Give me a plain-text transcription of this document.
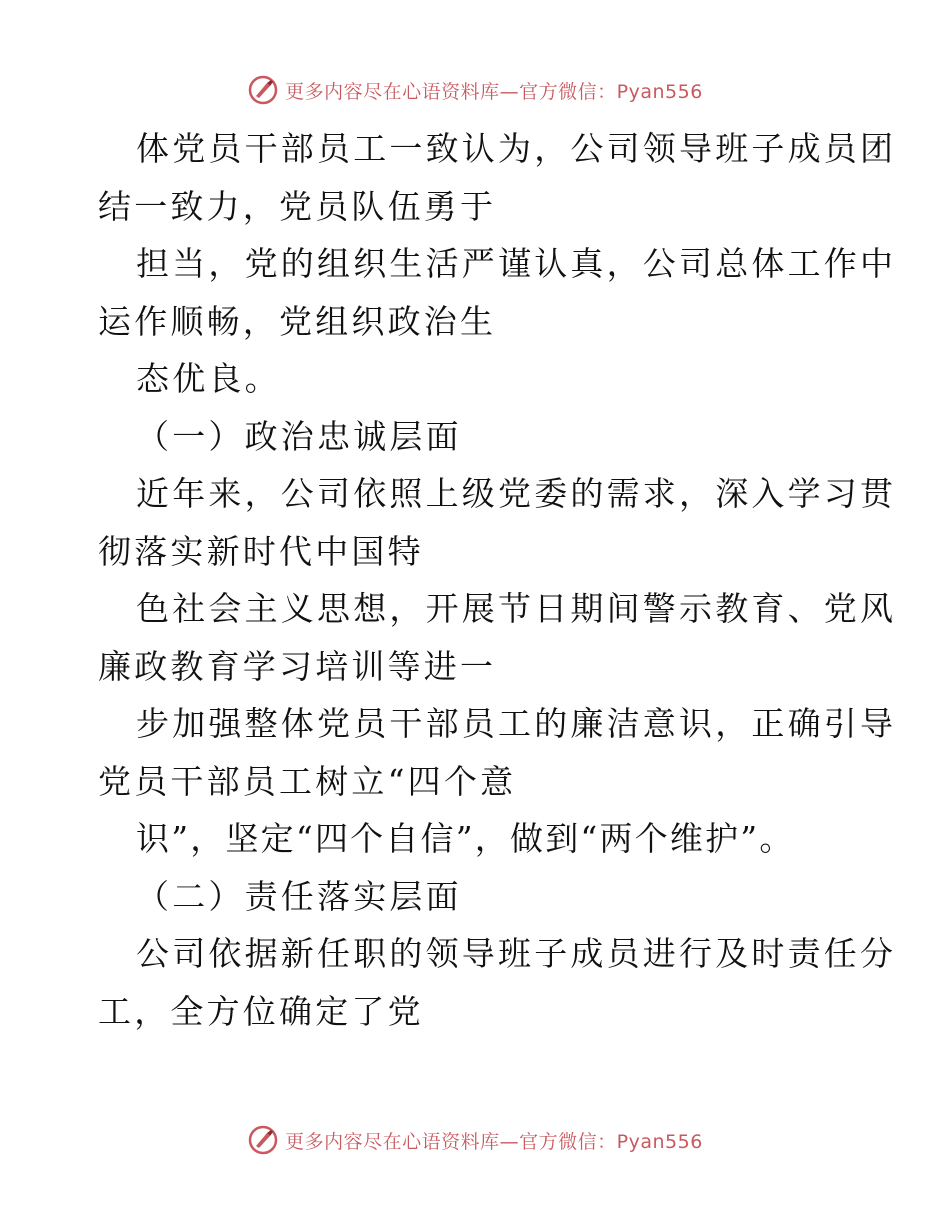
更多内容尽在心语资料库—官方微信：Pyan556
体党员干部员工一致认为，公司领导班子成员团
结一致力，党员队伍勇于
担当，党的组织生活严谨认真，公司总体工作中
运作顺畅，党组织政治生
态优良。
（一）政治忠诚层面
近年来，公司依照上级党委的需求，深入学习贯
彻落实新时代中国特
色社会主义思想，开展节日期间警示教育、党风
廉政教育学习培训等进一
步加强整体党员干部员工的廉洁意识，正确引导
党员干部员工树立“四个意
识”，坚定“四个自信”，做到“两个维护”。
（二）责任落实层面
公司依据新任职的领导班子成员进行及时责任分
工，全方位确定了党
更多内容尽在心语资料库—官方微信：Pyan556
